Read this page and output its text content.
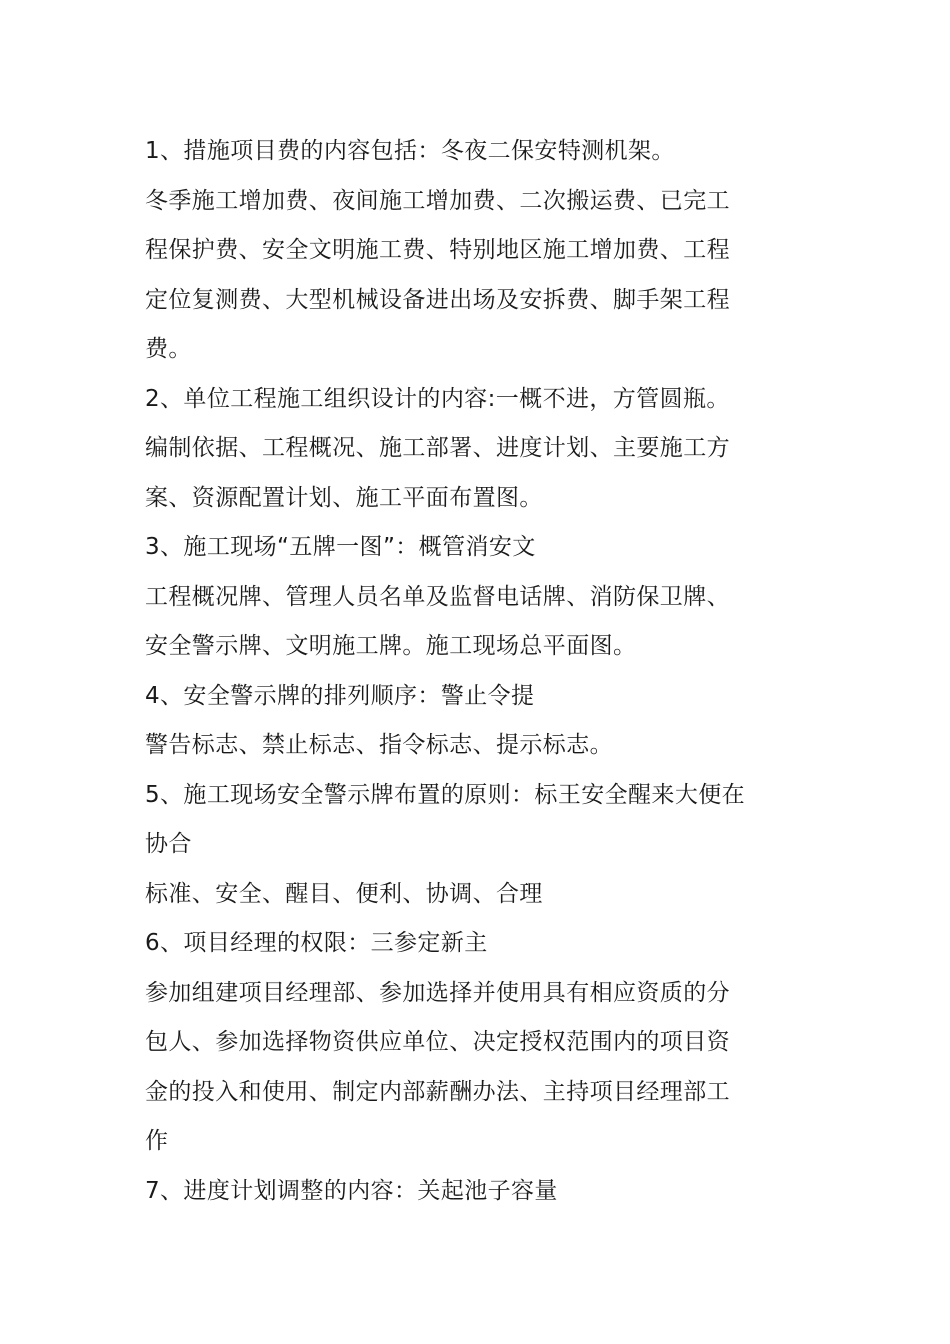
1、措施项目费的内容包括：冬夜二保安特测机架。
冬季施工增加费、夜间施工增加费、二次搬运费、已完工
程保护费、安全文明施工费、特别地区施工增加费、工程
定位复测费、大型机械设备进出场及安拆费、脚手架工程
费。
2、单位工程施工组织设计的内容:一概不进，方管圆瓶。
编制依据、工程概况、施工部署、进度计划、主要施工方
案、资源配置计划、施工平面布置图。
3、施工现场“五牌一图”：概管消安文
工程概况牌、管理人员名单及监督电话牌、消防保卫牌、
安全警示牌、文明施工牌。施工现场总平面图。
4、安全警示牌的排列顺序：警止令提
警告标志、禁止标志、指令标志、提示标志。
5、施工现场安全警示牌布置的原则：标王安全醒来大便在
协合
标准、安全、醒目、便利、协调、合理
6、项目经理的权限：三参定新主
参加组建项目经理部、参加选择并使用具有相应资质的分
包人、参加选择物资供应单位、决定授权范围内的项目资
金的投入和使用、制定内部薪酬办法、主持项目经理部工
作
7、进度计划调整的内容：关起池子容量
